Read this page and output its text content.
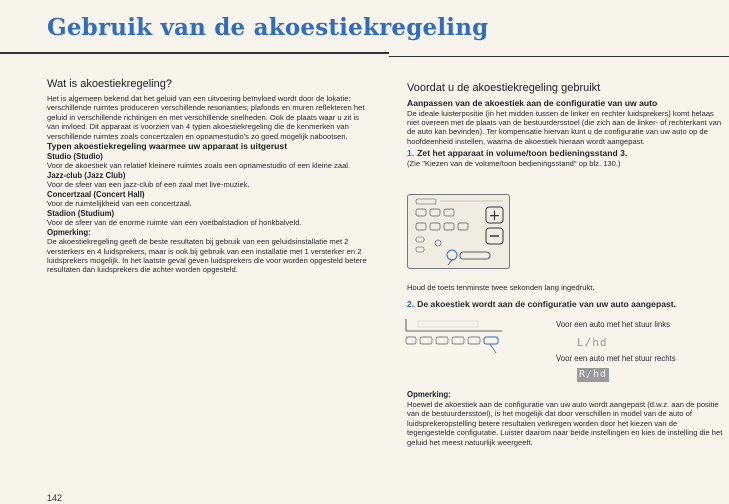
Gebruik van de akoestiekregeling
Wat is akoestiekregeling?

Het is algemeen bekend dat het geluid van een uitvoering beïnvloed wordt door de lokatie: verschillende ruimtes produceren verschillende resonanties; plafonds en muren reflekteren het geluid in verschillende richtingen en met verschillende snelheden. Ook de plaats waar u zit is van invloed. Dit apparaat is voorzien van 4 typen akoestiekregeling die de kenmerken van verschillende ruimtes zoals concertzalen en opnamestudio's zo goed mogelijk nabootsen.

Typen akoestiekregeling waarmee uw apparaat is uitgerust
Studio (Studio)

Voor de akoestiek van relatief kleinere ruimtes zoals een opnamestudio of een kleine zaal.

Jazz-club (Jazz Club)

Voor de sfeer van een jazz-club of een zaal met live-muziek.

Concertzaal (Concert Hall)

Voor de ruimtelijkheid van een concertzaal.

Stadion (Studium)

Voor de sfeer van de enorme ruimte van een voetbalstadion of honkbalveld.

Opmerking:

De akoestiekregeling geeft de beste resultaten bij gebruik van een geluidsinstallatie met 2 versterkers en 4 luidsprekers, maar is ook bij gebruik van een installatie met 1 versterker en 2 luidsprekers mogelijk. In het laatste geval geven luidsprekers die voor worden opgesteld betere resultaten dan luidsprekers die achter worden opgesteld.

Voordat u de akoestiekregeling gebruikt
Aanpassen van de akoestiek aan de configuratie van uw auto

De ideale luisterpositie (in het midden tussen de linker en rechter luidsprekers) komt helaas niet overeen met de plaats van de bestuurdersstoel (die zich aan de linker- of rechterkant van de auto kan bevinden). Ter kompensatie hiervan kunt u de configuratie van uw auto op de hoofdeenheid instellen, waarna de akoestiek hieraan wordt aangepast.

1. Zet het apparaat in volume/toon bedieningsstand 3.

(Zie "Kiezen van de volume/toon bedieningsstand" op blz. 130.)

+

Houd de toets tenminste twee sekonden lang ingedrukt.

2. De akoestiek wordt aan de configuratie van uw auto aangepast.
Voor een auto met het stuur links
L/hd
Voor een auto met het stuur rechts
R/hd
Opmerking:

Hoewel de akoestiek aan de configuratie van uw auto wordt aangepast (d.w.z. aan de positie van de bestuurdersstoel), is het mogelijk dat door verschillen in model van de auto of luidsprekeropstelling betere resultaten verkregen worden door het kiezen van de tegengestelde configuratie. Luister daarom naar beide instellingen en kies de instelling die het geluid het meest natuurlijk weergeeft.

142
